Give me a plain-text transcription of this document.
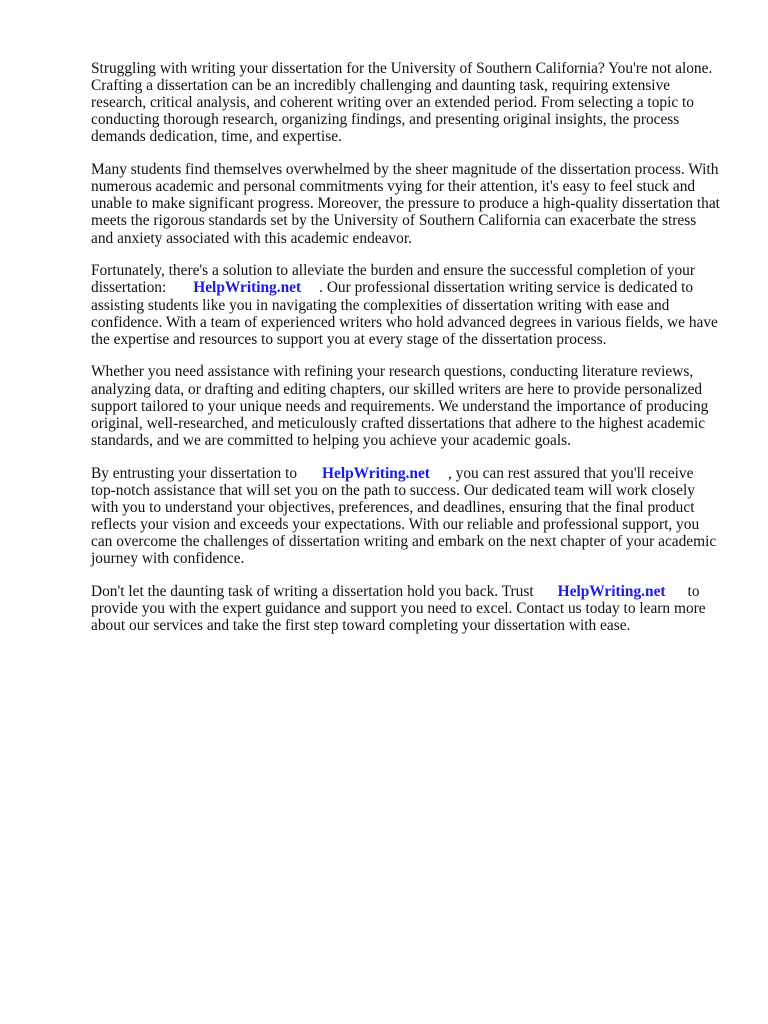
Struggling with writing your dissertation for the University of Southern California? You're not alone. Crafting a dissertation can be an incredibly challenging and daunting task, requiring extensive research, critical analysis, and coherent writing over an extended period. From selecting a topic to conducting thorough research, organizing findings, and presenting original insights, the process demands dedication, time, and expertise.

Many students find themselves overwhelmed by the sheer magnitude of the dissertation process. With numerous academic and personal commitments vying for their attention, it's easy to feel stuck and unable to make significant progress. Moreover, the pressure to produce a high-quality dissertation that meets the rigorous standards set by the University of Southern California can exacerbate the stress and anxiety associated with this academic endeavor.

Fortunately, there's a solution to alleviate the burden and ensure the successful completion of your dissertation: HelpWriting.net . Our professional dissertation writing service is dedicated to assisting students like you in navigating the complexities of dissertation writing with ease and confidence. With a team of experienced writers who hold advanced degrees in various fields, we have the expertise and resources to support you at every stage of the dissertation process.

Whether you need assistance with refining your research questions, conducting literature reviews, analyzing data, or drafting and editing chapters, our skilled writers are here to provide personalized support tailored to your unique needs and requirements. We understand the importance of producing original, well-researched, and meticulously crafted dissertations that adhere to the highest academic standards, and we are committed to helping you achieve your academic goals.

By entrusting your dissertation to HelpWriting.net , you can rest assured that you'll receive top-notch assistance that will set you on the path to success. Our dedicated team will work closely with you to understand your objectives, preferences, and deadlines, ensuring that the final product reflects your vision and exceeds your expectations. With our reliable and professional support, you can overcome the challenges of dissertation writing and embark on the next chapter of your academic journey with confidence.

Don't let the daunting task of writing a dissertation hold you back. Trust HelpWriting.net to provide you with the expert guidance and support you need to excel. Contact us today to learn more about our services and take the first step toward completing your dissertation with ease.
